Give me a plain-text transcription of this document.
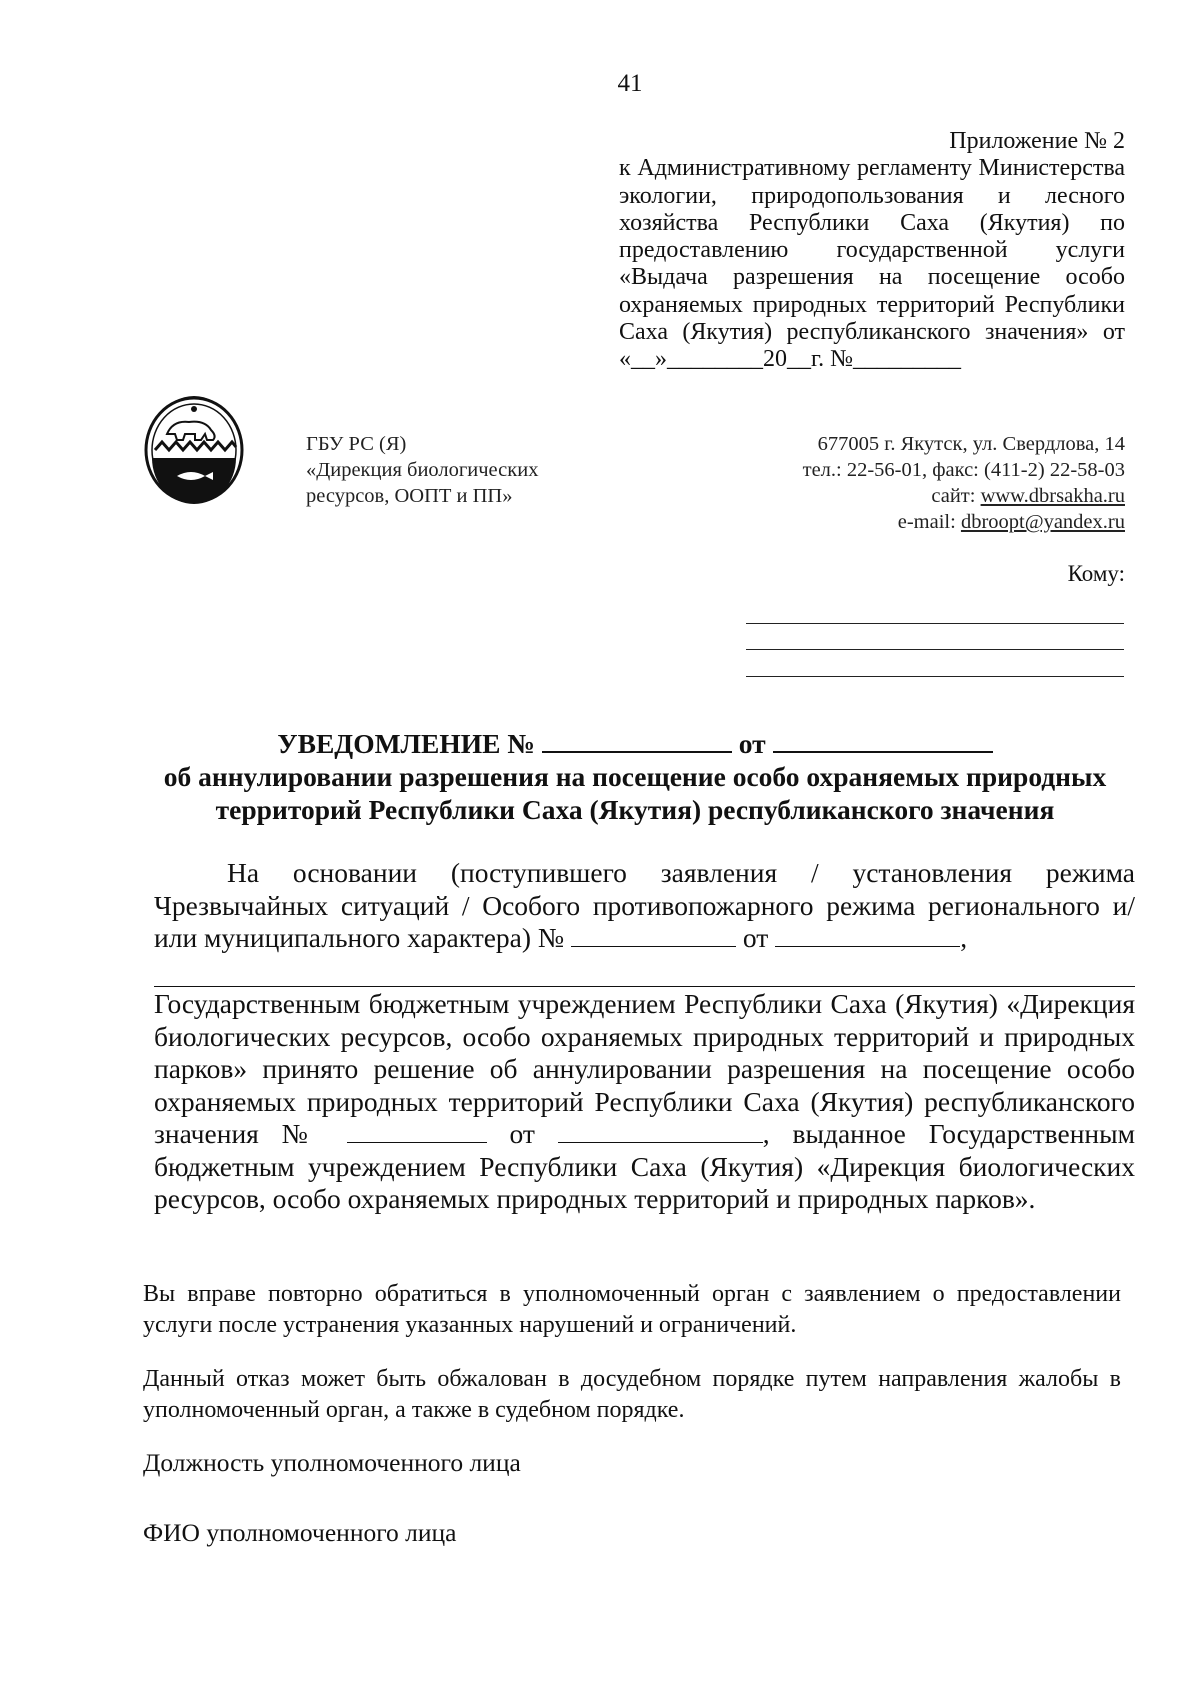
41
Приложение № 2
к Административному регламенту Министерства экологии, природопользования и лесного хозяйства Республики Саха (Якутия) по предоставлению государственной услуги «Выдача разрешения на посещение особо охраняемых природных территорий Республики Саха (Якутия) республиканского значения» от
«__»________20__г. №_________
ГБУ РС (Я)
«Дирекция биологических
ресурсов, ООПТ и ПП»
677005 г. Якутск, ул. Свердлова, 14
тел.: 22-56-01, факс: (411-2) 22-58-03
сайт: www.dbrsakha.ru
e-mail: dbroopt@yandex.ru
Кому:
УВЕДОМЛЕНИЕ №	от
об аннулировании разрешения на посещение особо охраняемых природных
территорий Республики Саха (Якутия) республиканского значения
На основании (поступившего заявления / установления режима Чрезвычайных ситуаций / Особого противопожарного режима регионального и/или муниципального характера) №	от	,
Государственным бюджетным учреждением Республики Саха (Якутия) «Дирекция биологических ресурсов, особо охраняемых природных территорий и природных парков» принято решение об аннулировании разрешения на посещение особо охраняемых природных территорий Республики Саха (Якутия) республиканского значения №	от	, выданное Государственным бюджетным учреждением Республики Саха (Якутия) «Дирекция биологических ресурсов, особо охраняемых природных территорий и природных парков».
Вы вправе повторно обратиться в уполномоченный орган с заявлением о предоставлении услуги после устранения указанных нарушений и ограничений.
Данный отказ может быть обжалован в досудебном порядке путем направления жалобы в уполномоченный орган, а также в судебном порядке.
Должность уполномоченного лица
ФИО уполномоченного лица
